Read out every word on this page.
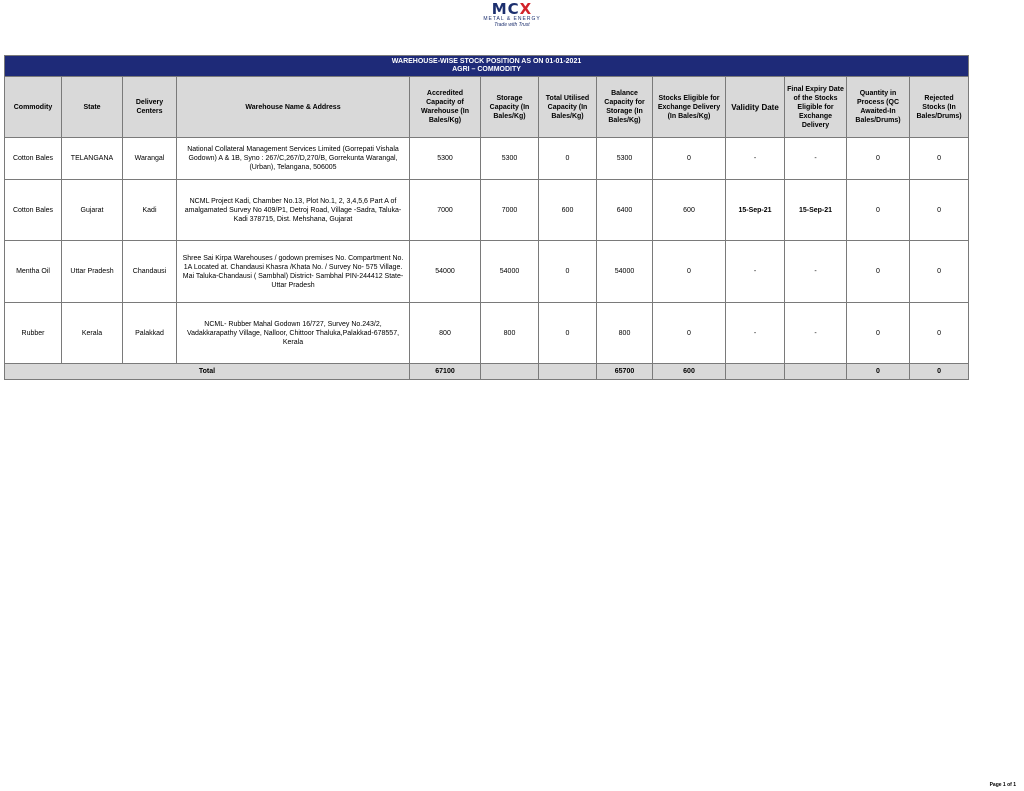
MCX
METAL & ENERGY
Trade with Trust
WAREHOUSE-WISE STOCK POSITION AS ON 01-01-2021
AGRI – COMMODITY												

Commodity	State	Delivery Centers	Warehouse Name & Address	Accredited Capacity of Warehouse (In Bales/Kg)	Storage Capacity (In Bales/Kg)	Total Utilised Capacity (In Bales/Kg)	Balance Capacity for Storage (In Bales/Kg)	Stocks Eligible for Exchange Delivery (In Bales/Kg)	Validity Date	Final Expiry Date of the Stocks Eligible for Exchange Delivery	Quantity in Process (QC Awaited-In Bales/Drums)	Rejected Stocks (In Bales/Drums)
Cotton Bales	TELANGANA	Warangal	National Collateral Management Services Limited (Gorrepati Vishala Godown) A & 1B, Syno : 267/C,267/D,270/B, Gorrekunta Warangal, (Urban), Telangana, 506005	5300	5300	0	5300	0	-	-	0	0
Cotton Bales	Gujarat	Kadi	NCML Project Kadi, Chamber No.13, Plot No.1, 2, 3,4,5,6 Part A of amalgamated Survey No 409/P1, Detroj Road, Village -Sadra, Taluka-Kadi 378715, Dist. Mehshana, Gujarat	7000	7000	600	6400	600	15-Sep-21	15-Sep-21	0	0
Mentha Oil	Uttar Pradesh	Chandausi	Shree Sai Kirpa Warehouses / godown premises No. Compartment No. 1A Located at. Chandausi Khasra /Khata No. / Survey No- 575 Village. Mai Taluka-Chandausi ( Sambhal) District- Sambhal PIN-244412 State- Uttar Pradesh	54000	54000	0	54000	0	-	-	0	0
Rubber	Kerala	Palakkad	NCML- Rubber Mahal Godown 16/727, Survey No.243/2, Vadakkarapathy Village, Nalloor, Chittoor Thaluka,Palakkad-678557, Kerala	800	800	0	800	0	-	-	0	0
Total				67100			65700	600			0	0
Page 1 of 1
